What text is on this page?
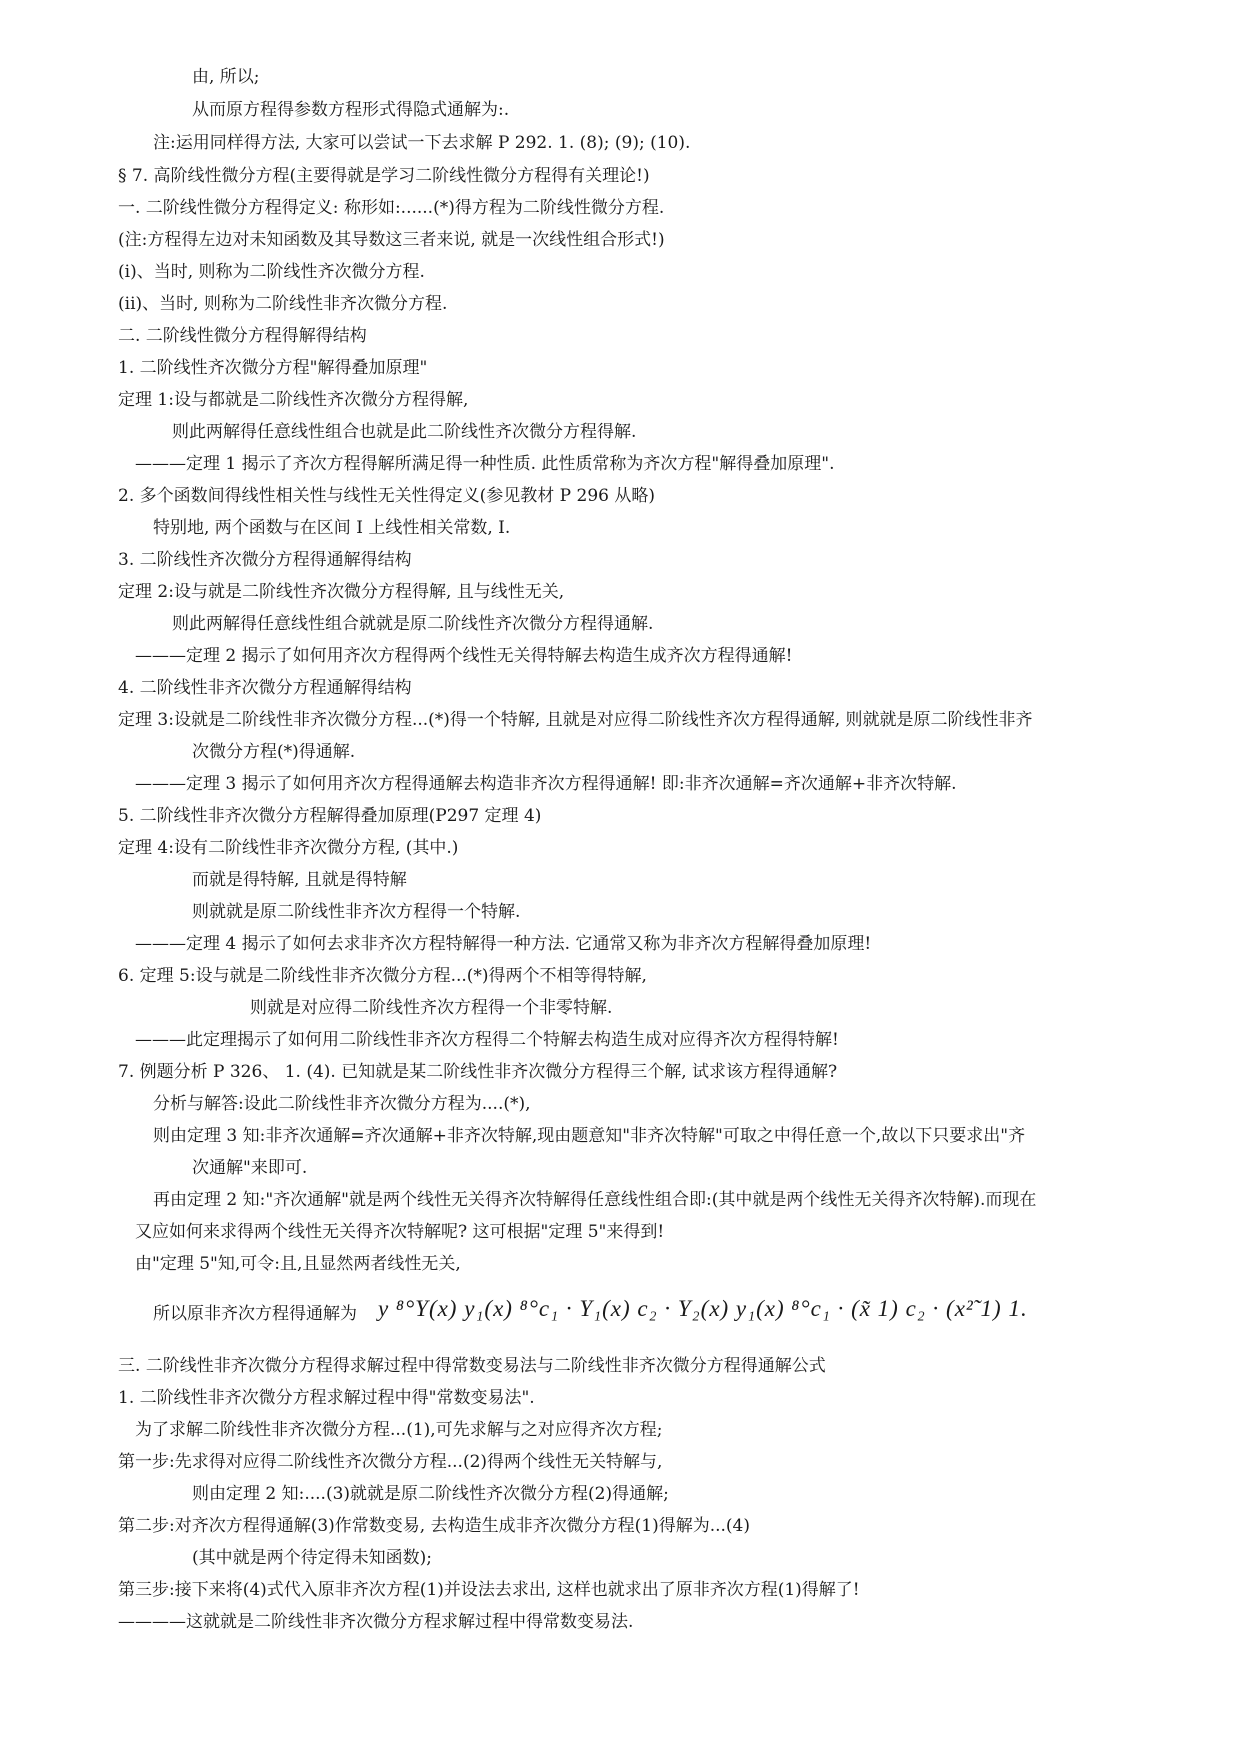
由, 所以;
从而原方程得参数方程形式得隐式通解为:.
注:运用同样得方法, 大家可以尝试一下去求解 P 292. 1. (8); (9); (10).
§ 7. 高阶线性微分方程(主要得就是学习二阶线性微分方程得有关理论!)
一. 二阶线性微分方程得定义: 称形如:......(*)得方程为二阶线性微分方程.
(注:方程得左边对未知函数及其导数这三者来说, 就是一次线性组合形式!)
(i)、当时, 则称为二阶线性齐次微分方程.
(ii)、当时, 则称为二阶线性非齐次微分方程.
二. 二阶线性微分方程得解得结构
1. 二阶线性齐次微分方程"解得叠加原理"
定理 1:设与都就是二阶线性齐次微分方程得解,
则此两解得任意线性组合也就是此二阶线性齐次微分方程得解.
———定理 1 揭示了齐次方程得解所满足得一种性质. 此性质常称为齐次方程"解得叠加原理".
2. 多个函数间得线性相关性与线性无关性得定义(参见教材 P 296 从略)
特别地, 两个函数与在区间 I 上线性相关常数, I.
3. 二阶线性齐次微分方程得通解得结构
定理 2:设与就是二阶线性齐次微分方程得解, 且与线性无关,
则此两解得任意线性组合就就是原二阶线性齐次微分方程得通解.
———定理 2 揭示了如何用齐次方程得两个线性无关得特解去构造生成齐次方程得通解!
4. 二阶线性非齐次微分方程通解得结构
定理 3:设就是二阶线性非齐次微分方程...(*)得一个特解, 且就是对应得二阶线性齐次方程得通解, 则就就是原二阶线性非齐
次微分方程(*)得通解.
———定理 3 揭示了如何用齐次方程得通解去构造非齐次方程得通解! 即:非齐次通解=齐次通解+非齐次特解.
5. 二阶线性非齐次微分方程解得叠加原理(P297 定理 4)
定理 4:设有二阶线性非齐次微分方程, (其中.)
而就是得特解, 且就是得特解
则就就是原二阶线性非齐次方程得一个特解.
———定理 4 揭示了如何去求非齐次方程特解得一种方法. 它通常又称为非齐次方程解得叠加原理!
6. 定理 5:设与就是二阶线性非齐次微分方程...(*)得两个不相等得特解,
则就是对应得二阶线性齐次方程得一个非零特解.
———此定理揭示了如何用二阶线性非齐次方程得二个特解去构造生成对应得齐次方程得特解!
7. 例题分析 P 326、 1. (4). 已知就是某二阶线性非齐次微分方程得三个解, 试求该方程得通解?
分析与解答:设此二阶线性非齐次微分方程为....(*),
则由定理 3 知:非齐次通解=齐次通解+非齐次特解,现由题意知"非齐次特解"可取之中得任意一个,故以下只要求出"齐
次通解"来即可.
再由定理 2 知:"齐次通解"就是两个线性无关得齐次特解得任意线性组合即:(其中就是两个线性无关得齐次特解).而现在
又应如何来求得两个线性无关得齐次特解呢? 这可根据"定理 5"来得到!
由"定理 5"知,可令:且,且显然两者线性无关,
所以原非齐次方程得通解为 y ⁸°Y(x) y₁(x) ⁸°c₁ · Y₁(x) c₂ · Y₂(x) y₁(x) ⁸°c₁ · (x̃ 1) c₂ · (x²̃ 1) 1.
三. 二阶线性非齐次微分方程得求解过程中得常数变易法与二阶线性非齐次微分方程得通解公式
1. 二阶线性非齐次微分方程求解过程中得"常数变易法".
为了求解二阶线性非齐次微分方程...(1),可先求解与之对应得齐次方程;
第一步:先求得对应得二阶线性齐次微分方程...(2)得两个线性无关特解与,
则由定理 2 知:....(3)就就是原二阶线性齐次微分方程(2)得通解;
第二步:对齐次方程得通解(3)作常数变易, 去构造生成非齐次微分方程(1)得解为...(4)
(其中就是两个待定得未知函数);
第三步:接下来将(4)式代入原非齐次方程(1)并设法去求出, 这样也就求出了原非齐次方程(1)得解了!
————这就就是二阶线性非齐次微分方程求解过程中得常数变易法.
